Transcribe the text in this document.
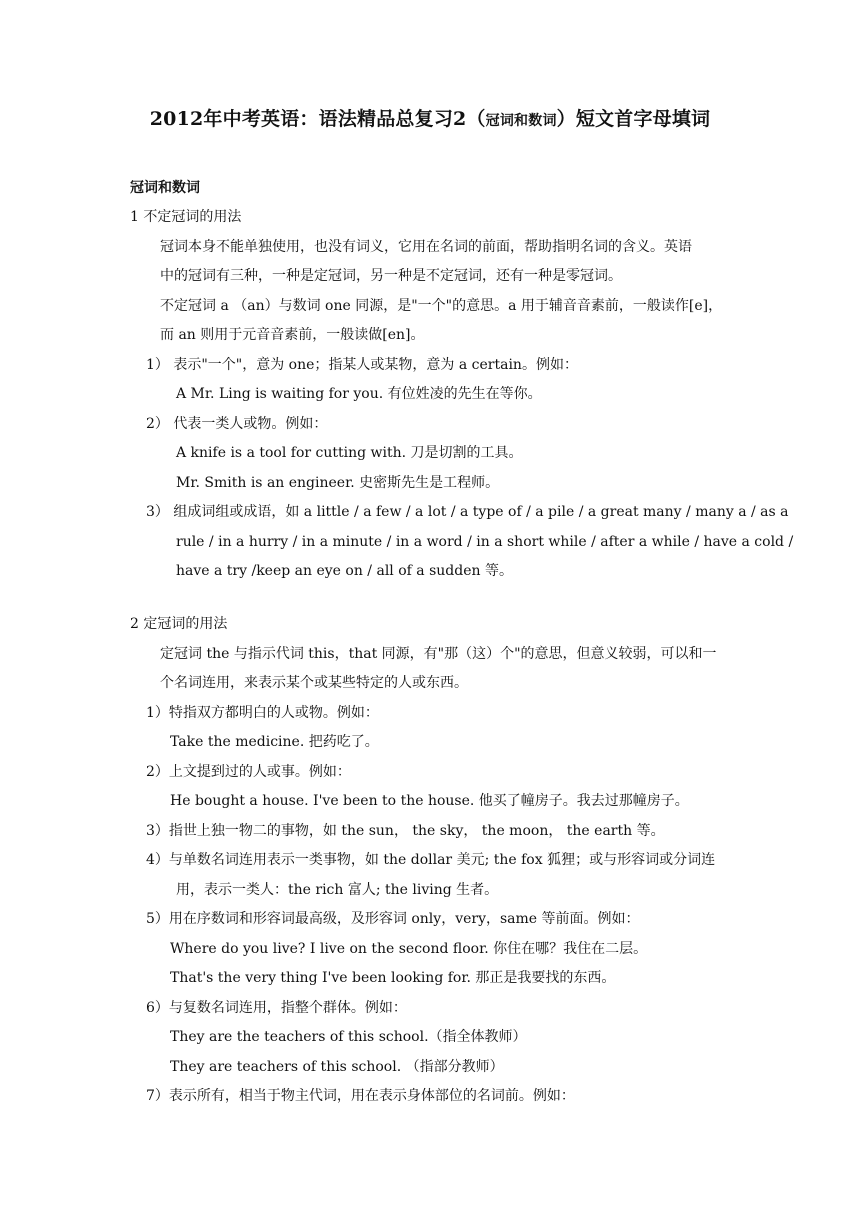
2012年中考英语：语法精品总复习2（冠词和数词）短文首字母填词
冠词和数词
1 不定冠词的用法
冠词本身不能单独使用，也没有词义，它用在名词的前面，帮助指明名词的含义。英语
中的冠词有三种，一种是定冠词，另一种是不定冠词，还有一种是零冠词。
不定冠词 a （an）与数词 one 同源，是"一个"的意思。a 用于辅音音素前，一般读作[e]，
而 an 则用于元音音素前，一般读做[en]。
1） 表示"一个"，意为 one；指某人或某物，意为 a certain。例如：
A Mr. Ling is waiting for you. 有位姓凌的先生在等你。
2） 代表一类人或物。例如：
A knife is a tool for cutting with. 刀是切割的工具。
Mr. Smith is an engineer. 史密斯先生是工程师。
3） 组成词组或成语，如 a little / a few / a lot / a type of / a pile / a great many / many a / as a
rule / in a hurry / in a minute / in a word / in a short while / after a while / have a cold /
have a try /keep an eye on / all of a sudden 等。
2 定冠词的用法
定冠词 the 与指示代词 this，that 同源，有"那（这）个"的意思，但意义较弱，可以和一
个名词连用，来表示某个或某些特定的人或东西。
1）特指双方都明白的人或物。例如：
Take the medicine. 把药吃了。
2）上文提到过的人或事。例如：
He bought a house. I've been to the house. 他买了幢房子。我去过那幢房子。
3）指世上独一物二的事物，如 the sun， the sky， the moon， the earth 等。
4）与单数名词连用表示一类事物，如 the dollar 美元; the fox 狐狸；或与形容词或分词连
用，表示一类人：the rich 富人; the living 生者。
5）用在序数词和形容词最高级，及形容词 only，very，same 等前面。例如：
Where do you live? I live on the second floor. 你住在哪？我住在二层。
That's the very thing I've been looking for. 那正是我要找的东西。
6）与复数名词连用，指整个群体。例如：
They are the teachers of this school.（指全体教师）
They are teachers of this school. （指部分教师）
7）表示所有，相当于物主代词，用在表示身体部位的名词前。例如：
